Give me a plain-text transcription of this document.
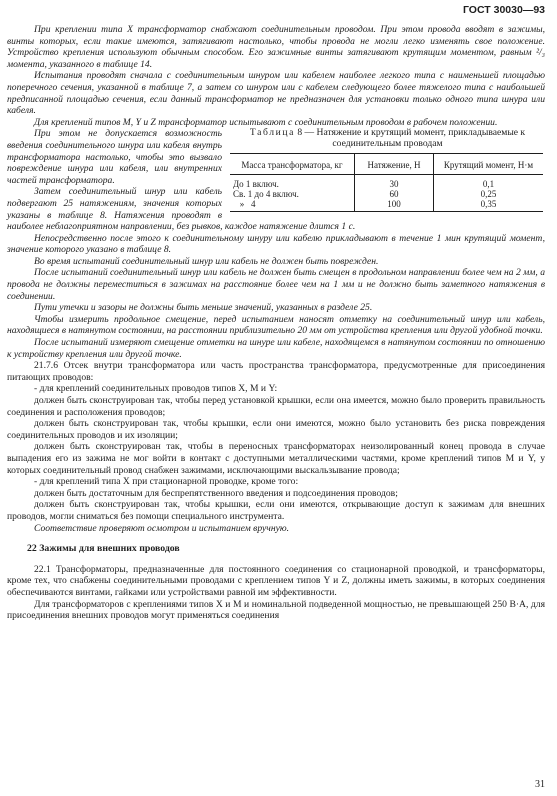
ГОСТ 30030—93

При креплении типа X трансформатор снабжают соединительным проводом. При этом провода вводят в зажимы, винты которых, если такие имеются, затягивают настолько, чтобы провода не могли легко изменять свое положение. Устройство крепления используют обычным способом. Его зажимные винты затягивают крутящим моментом, равным ²/₃ момента, указанного в таблице 14.

Испытания проводят сначала с соединительным шнуром или кабелем наиболее легкого типа с наименьшей площадью поперечного сечения, указанной в таблице 7, а затем со шнуром или с кабелем следующего более тяжелого типа с наибольшей предписанной площадью сечения, если данный трансформатор не предназначен для установки только одного типа шнура или кабеля.

Для креплений типов M, Y и Z трансформатор испытывают с соединительным проводом в рабочем положении.

Таблица 8 — Натяжение и крутящий момент, прикладываемые к соединительным проводам
Масса трансформатора, кг	Натяжение, Н	Крутящий момент, Н·м
До 1 включ.	30	0,1
Св. 1 до 4 включ.	60	0,25
» 4	100	0,35

При этом не допускается возможность введения соединительного шнура или кабеля внутрь трансформатора настолько, чтобы это вызвало повреждение шнура или кабеля, или внутренних частей трансформатора.

Затем соединительный шнур или кабель подвергают 25 натяжениям, значения которых указаны в таблице 8. Натяжения проводят в наиболее неблагоприятном направлении, без рывков, каждое натяжение длится 1 с.

Непосредственно после этого к соединительному шнуру или кабелю прикладывают в течение 1 мин крутящий момент, значение которого указано в таблице 8.

Во время испытаний соединительный шнур или кабель не должен быть поврежден.

После испытаний соединительный шнур или кабель не должен быть смещен в продольном направлении более чем на 2 мм, а провода не должны переместиться в зажимах на расстояние более чем на 1 мм и не должно быть заметного натяжения в соединении.

Пути утечки и зазоры не должны быть меньше значений, указанных в разделе 25.

Чтобы измерить продольное смещение, перед испытанием наносят отметку на соединительный шнур или кабель, находящиеся в натянутом состоянии, на расстоянии приблизительно 20 мм от устройства крепления или другой удобной точки.

После испытаний измеряют смещение отметки на шнуре или кабеле, находящемся в натянутом состоянии по отношению к устройству крепления или другой точке.

21.7.6 Отсек внутри трансформатора или часть пространства трансформатора, предусмотренные для присоединения питающих проводов:

- для креплений соединительных проводов типов X, M и Y:

должен быть сконструирован так, чтобы перед установкой крышки, если она имеется, можно было проверить правильность соединения и расположения проводов;

должен быть сконструирован так, чтобы крышки, если они имеются, можно было установить без риска повреждения соединительных проводов и их изоляции;

должен быть сконструирован так, чтобы в переносных трансформаторах неизолированный конец провода в случае выпадения его из зажима не мог войти в контакт с доступными металлическими частями, кроме креплений типов M и Y, у которых соединительный провод снабжен зажимами, исключающими выскальзывание провода;

- для креплений типа X при стационарной проводке, кроме того:

должен быть достаточным для беспрепятственного введения и подсоединения проводов;

должен быть сконструирован так, чтобы крышки, если они имеются, открывающие доступ к зажимам для внешних проводов, могли сниматься без помощи специального инструмента.

Соответствие проверяют осмотром и испытанием вручную.

22 Зажимы для внешних проводов

22.1 Трансформаторы, предназначенные для постоянного соединения со стационарной проводкой, и трансформаторы, кроме тех, что снабжены соединительными проводами с креплением типов Y и Z, должны иметь зажимы, в которых соединения обеспечиваются винтами, гайками или устройствами равной им эффективности.

Для трансформаторов с креплениями типов X и M и номинальной подведенной мощностью, не превышающей 250 В·А, для присоединения внешних проводов могут применяться соединения

31
